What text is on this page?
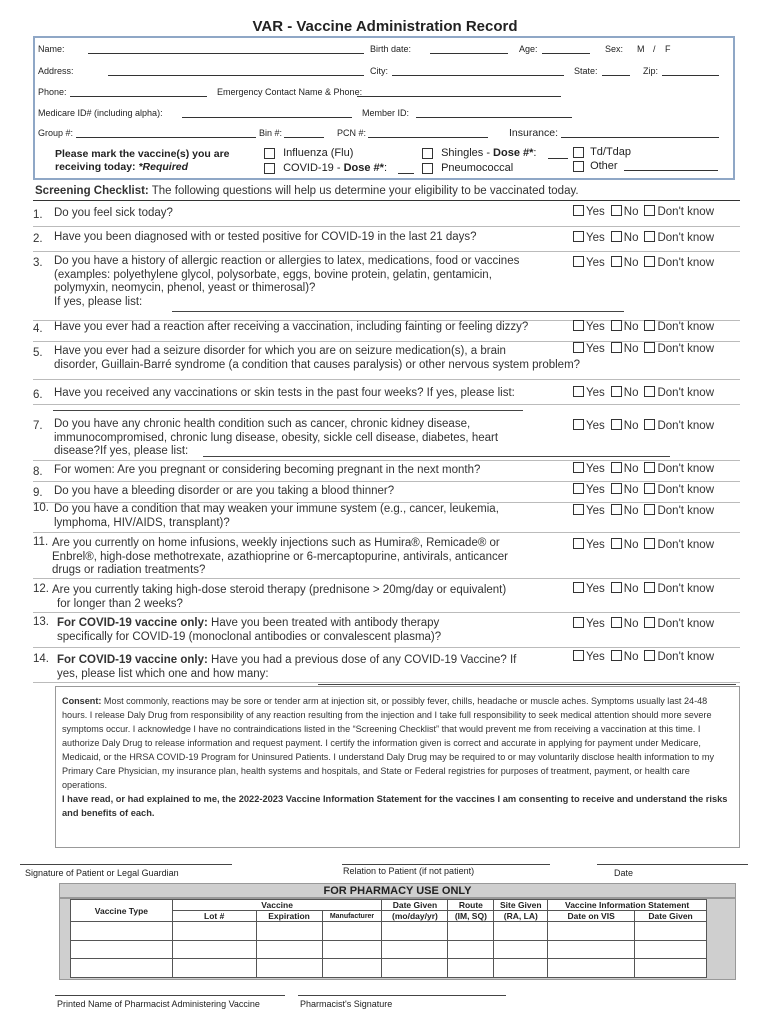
VAR - Vaccine Administration Record
Name:	Birth date:	Age:	Sex: M / F
Address:	City:	State:	Zip:
Phone:	Emergency Contact Name & Phone:
Medicare ID# (including alpha):	Member ID:
Group #:	Bin #:	PCN #:	Insurance:
Please mark the vaccine(s) you are
receiving today: *Required
Influenza (Flu)
COVID-19 - Dose #*:
Shingles - Dose #*:
Pneumococcal
Td/Tdap
Other
Screening Checklist: The following questions will help us determine your eligibility to be vaccinated today.
1. Do you feel sick today?	Yes No Don't know
2. Have you been diagnosed with or tested positive for COVID-19 in the last 21 days?	Yes No Don't know
3. Do you have a history of allergic reaction or allergies to latex, medications, food or vaccines
(examples: polyethylene glycol, polysorbate, eggs, bovine protein, gelatin, gentamicin,
polymyxin, neomycin, phenol, yeast or thimerosal)?
If yes, please list:
Yes No Don't know
4. Have you ever had a reaction after receiving a vaccination, including fainting or feeling dizzy?	Yes No Don't know
5. Have you ever had a seizure disorder for which you are on seizure medication(s), a brain
disorder, Guillain-Barré syndrome (a condition that causes paralysis) or other nervous system problem?
Yes No Don't know
6. Have you received any vaccinations or skin tests in the past four weeks? If yes, please list:	Yes No Don't know
7. Do you have any chronic health condition such as cancer, chronic kidney disease,
immunocompromised, chronic lung disease, obesity, sickle cell disease, diabetes, heart
disease?If yes, please list:
Yes No Don't know
8. For women: Are you pregnant or considering becoming pregnant in the next month?	Yes No Don't know
9. Do you have a bleeding disorder or are you taking a blood thinner?	Yes No Don't know
10. Do you have a condition that may weaken your immune system (e.g., cancer, leukemia,
lymphoma, HIV/AIDS, transplant)?
Yes No Don't know
11. Are you currently on home infusions, weekly injections such as Humira®, Remicade® or
Enbrel®, high-dose methotrexate, azathioprine or 6-mercaptopurine, antivirals, anticancer
drugs or radiation treatments?
Yes No Don't know
12. Are you currently taking high-dose steroid therapy (prednisone > 20mg/day or equivalent)
for longer than 2 weeks?
Yes No Don't know
13. For COVID-19 vaccine only: Have you been treated with antibody therapy
specifically for COVID-19 (monoclonal antibodies or convalescent plasma)?
Yes No Don't know
14. For COVID-19 vaccine only: Have you had a previous dose of any COVID-19 Vaccine? If
yes, please list which one and how many:
Yes No Don't know

Consent: Most commonly, reactions may be sore or tender arm at injection sit, or possibly fever, chills, headache or muscle aches. Symptoms usually last 24-48 hours. I release Daly Drug from responsibility of any reaction resulting from the injection and I take full responsibility to seek medical attention should more severe symptoms occur. I acknowledge I have no contraindications listed in the “Screening Checklist” that would prevent me from receiving a vaccination at this time. I authorize Daly Drug to release information and request payment. I certify the information given is correct and accurate in applying for payment under Medicare, Medicaid, or the HRSA COVID-19 Program for Uninsured Patients. I understand Daly Drug may be required to or may voluntarily disclose health information to my Primary Care Physician, my insurance plan, health systems and hospitals, and State or Federal registries for purposes of treatment, payment, or health care operations.
I have read, or had explained to me, the 2022-2023 Vaccine Information Statement for the vaccines I am consenting to receive and understand the risks and benefits of each.

Signature of Patient or Legal Guardian	Relation to Patient (if not patient)	Date
FOR PHARMACY USE ONLY
Vaccine Type	Vaccine			Date Given	Route	Site Given	Vaccine Information Statement	
	Lot #	Expiration	Manufacturer	(mo/day/yr)	(IM, SQ)	(RA, LA)	Date on VIS	Date Given

Printed Name of Pharmacist Administering Vaccine	Pharmacist's Signature
